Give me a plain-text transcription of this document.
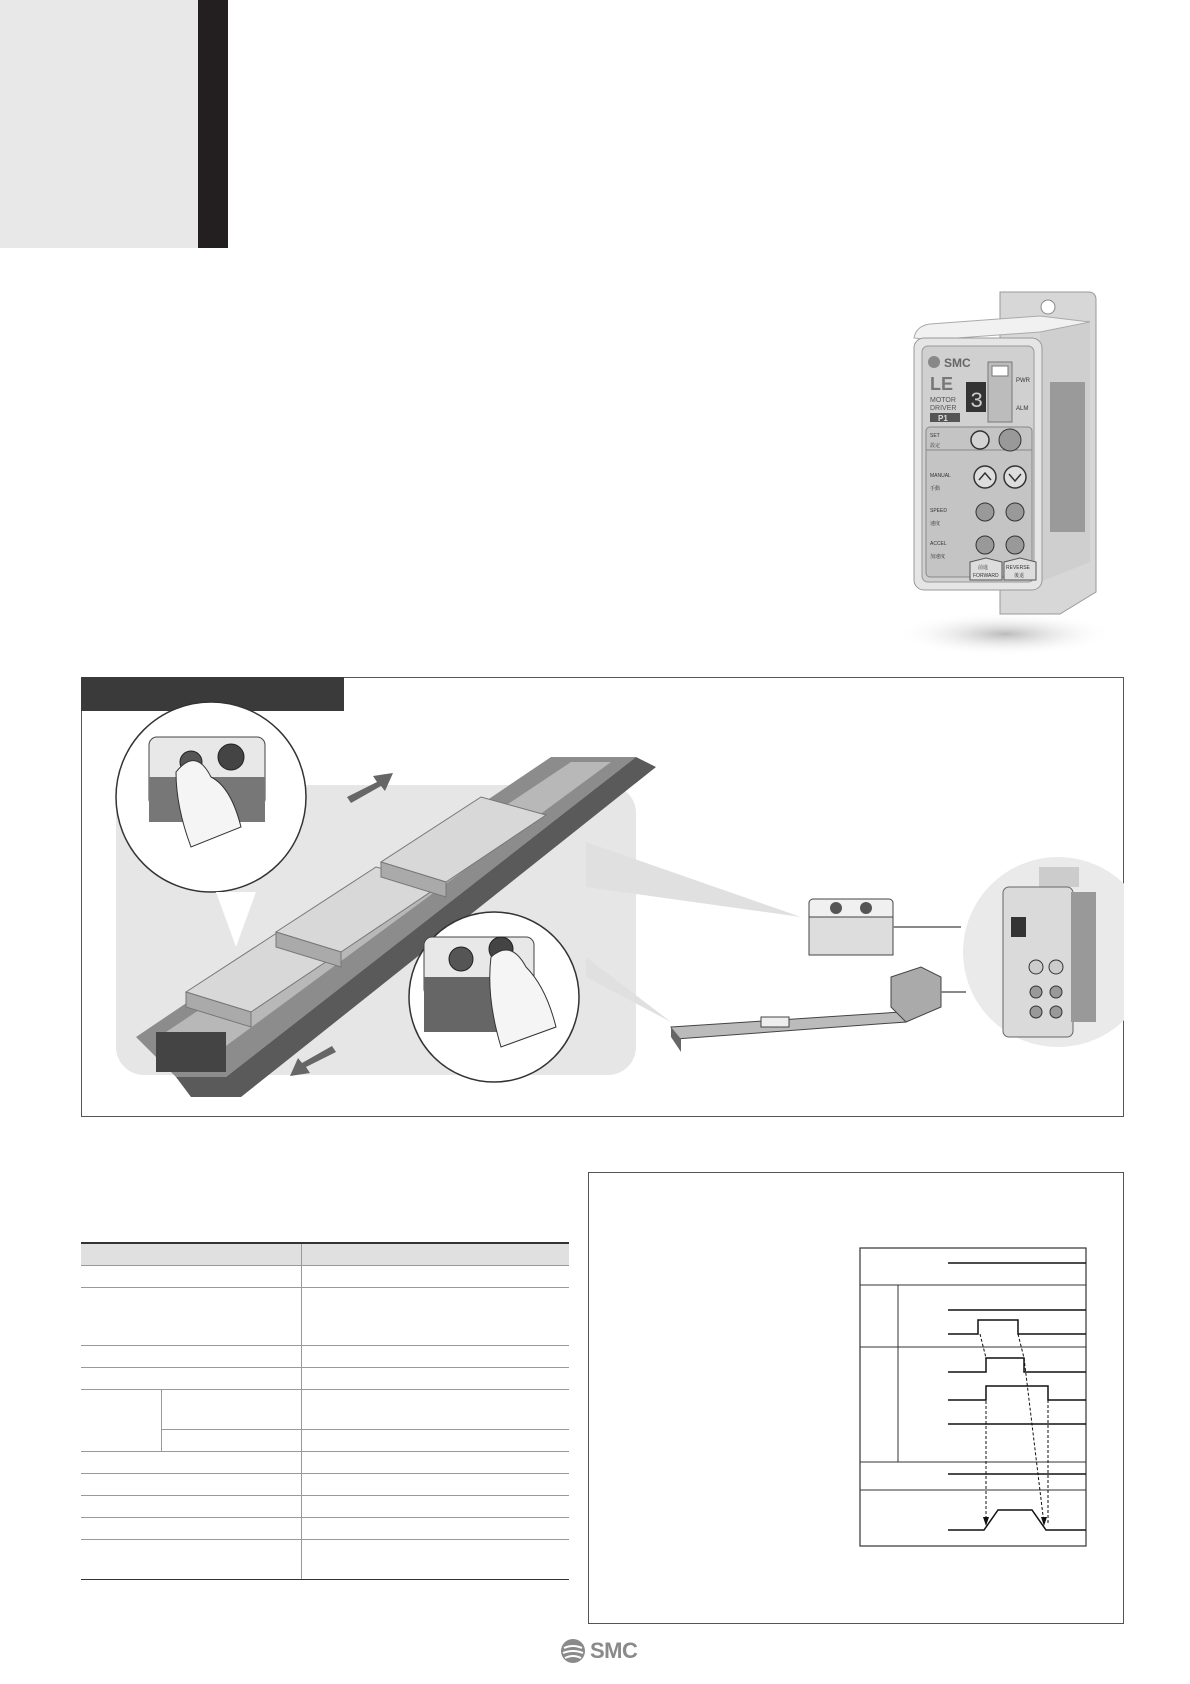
SMC
LE
MOTOR
DRIVER
P1
3
PWR
ALM
SET
設定
MANUAL
手動
SPEED
速度
ACCEL
加速度
前進
FORWARD
REVERSE
後退

SMC
